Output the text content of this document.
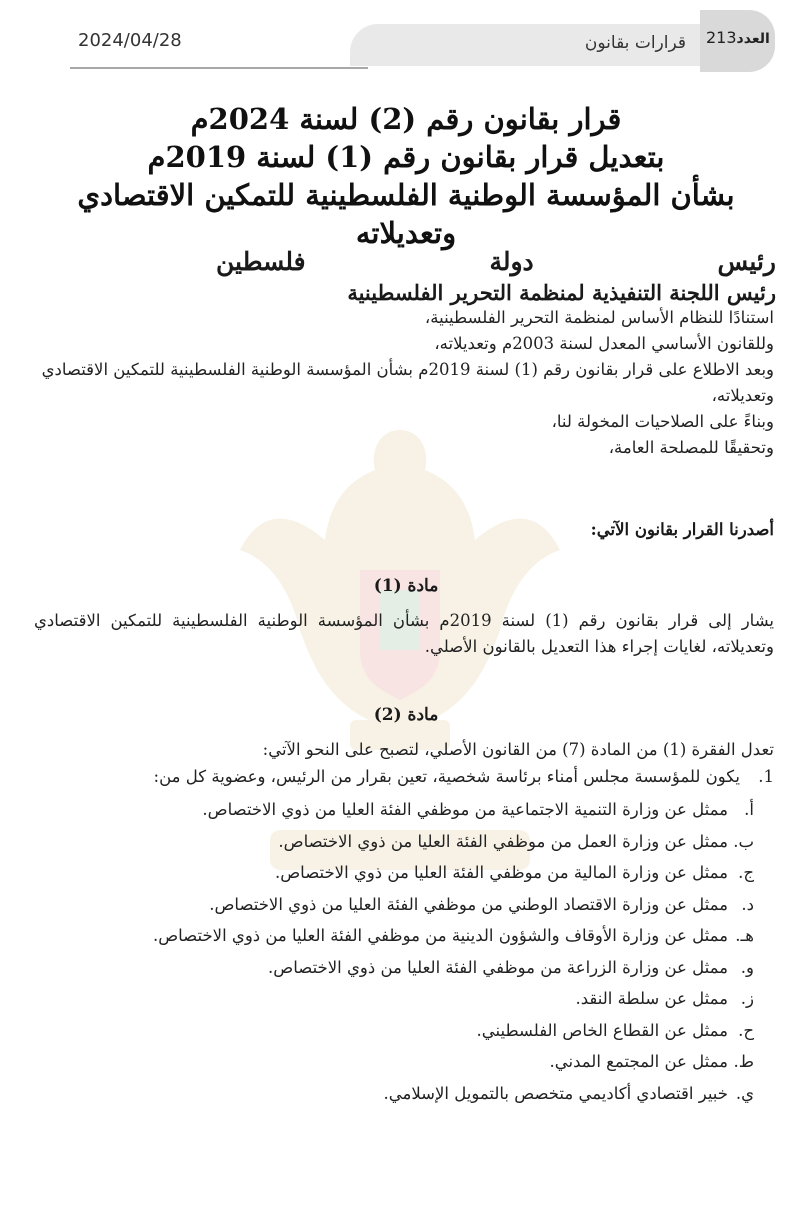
2024/04/28	قرارات بقانون	العدد213

قرار بقانون رقم (2) لسنة 2024م

بتعديل قرار بقانون رقم (1) لسنة 2019م

بشأن المؤسسة الوطنية الفلسطينية للتمكين الاقتصادي وتعديلاته

رئيس دولة فلسطين
رئيس اللجنة التنفيذية لمنظمة التحرير الفلسطينية

استنادًا للنظام الأساس لمنظمة التحرير الفلسطينية،

وللقانون الأساسي المعدل لسنة 2003م وتعديلاته،

وبعد الاطلاع على قرار بقانون رقم (1) لسنة 2019م بشأن المؤسسة الوطنية الفلسطينية للتمكين الاقتصادي وتعديلاته،

وبناءً على الصلاحيات المخولة لنا،

وتحقيقًا للمصلحة العامة،

أصدرنا القرار بقانون الآتي:
مادة (1)

يشار إلى قرار بقانون رقم (1) لسنة 2019م بشأن المؤسسة الوطنية الفلسطينية للتمكين الاقتصادي وتعديلاته، لغايات إجراء هذا التعديل بالقانون الأصلي.

مادة (2)

تعدل الفقرة (1) من المادة (7) من القانون الأصلي، لتصبح على النحو الآتي:

1.يكون للمؤسسة مجلس أمناء برئاسة شخصية، تعين بقرار من الرئيس، وعضوية كل من:

أ.ممثل عن وزارة التنمية الاجتماعية من موظفي الفئة العليا من ذوي الاختصاص.
ب.ممثل عن وزارة العمل من موظفي الفئة العليا من ذوي الاختصاص.
ج.ممثل عن وزارة المالية من موظفي الفئة العليا من ذوي الاختصاص.
د.ممثل عن وزارة الاقتصاد الوطني من موظفي الفئة العليا من ذوي الاختصاص.
هـ.ممثل عن وزارة الأوقاف والشؤون الدينية من موظفي الفئة العليا من ذوي الاختصاص.
و.ممثل عن وزارة الزراعة من موظفي الفئة العليا من ذوي الاختصاص.
ز.ممثل عن سلطة النقد.
ح.ممثل عن القطاع الخاص الفلسطيني.
ط.ممثل عن المجتمع المدني.
ي.خبير اقتصادي أكاديمي متخصص بالتمويل الإسلامي.
